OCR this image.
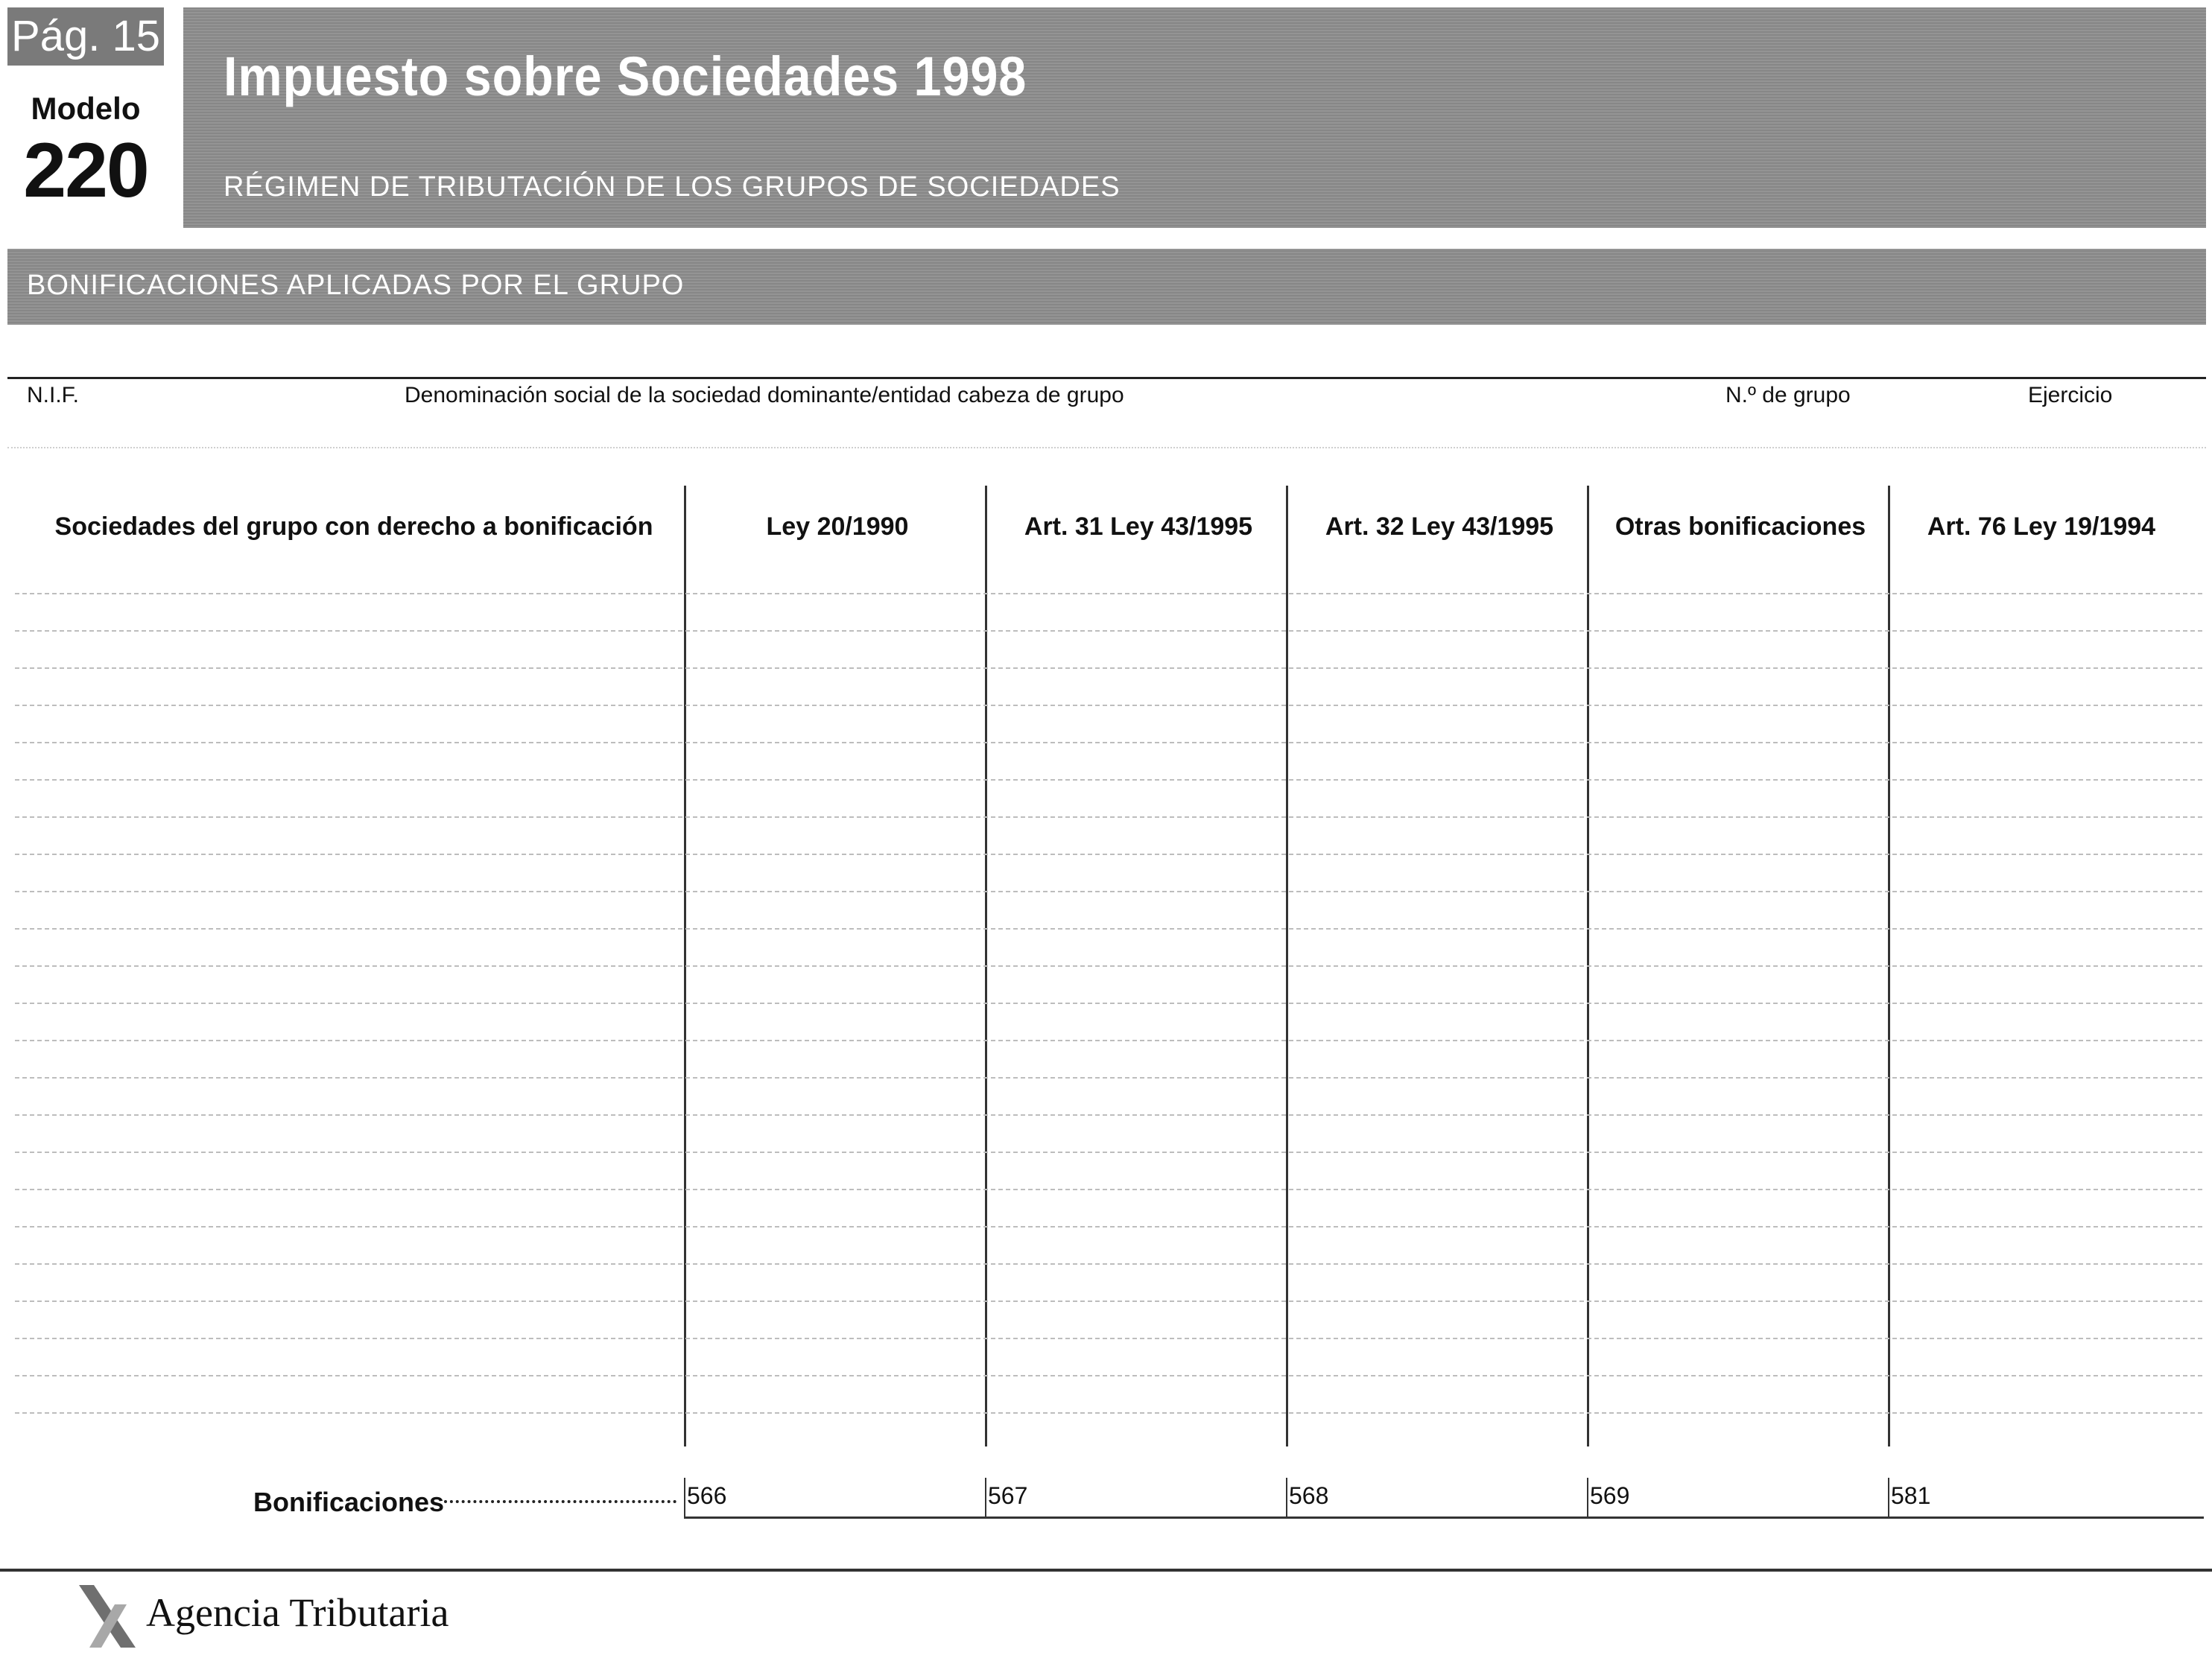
Pág. 15
Modelo
220
Impuesto sobre Sociedades 1998
RÉGIMEN DE TRIBUTACIÓN DE LOS GRUPOS DE SOCIEDADES
BONIFICACIONES APLICADAS POR EL GRUPO
N.I.F.	Denominación social de la sociedad dominante/entidad cabeza de grupo	N.º de grupo	Ejercicio
Sociedades del grupo con derecho a bonificación	Ley 20/1990	Art. 31 Ley 43/1995	Art. 32 Ley 43/1995	Otras bonificaciones	Art. 76 Ley 19/1994
Bonificaciones	566	567	568	569	581
Agencia Tributaria
